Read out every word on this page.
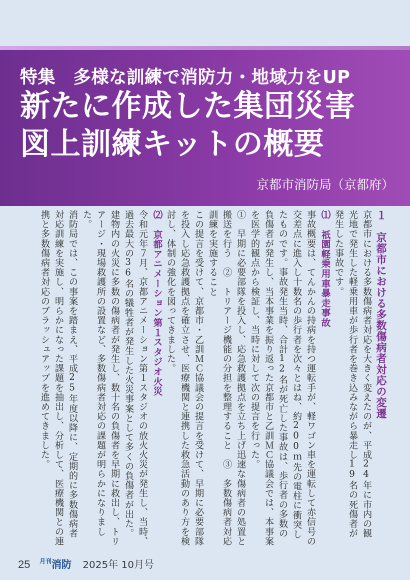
特集　多様な訓練で消防力・地域力をUP
新たに作成した集団災害
図上訓練キットの概要
京都市消防局（京都府）

１　京都市における多数傷病者対応の変遷

京都市における多数傷病者対応を大きく変えたのが、平成24年に市内の観光地で発生した軽乗用車が歩行者を巻き込みながら暴走し19名の死傷者が発生した事故です。

⑴　祇園軽乗用車暴走事故

事故概要は、てんかんの持病を持つ運転手が、軽ワゴン車を運転して赤信号の交差点に進入し十数名の歩行者を次々とはね、約200ｍ先の電柱に衝突したものです。事故発生当時、合計12名が死亡した事故は、歩行者の多数の負傷者が発生し、当本事業を振り返った京都市と乙訓ＭＣ協議会では、本事案を医学的観点から検証し、当時に対して次の提言を行った。

①　早期に必要部隊を投入し、応急救護拠点を立ち上げ迅速な傷病者の処置と搬送を行う　②　トリアージ機能の分担を整理すること　③　多数傷病者対応訓練を実施すること

この提言を受けて、京都市・乙訓ＭＣ協議会の提言を受けて、早期に必要部隊を投入し応急救護拠点を確立させ、医療機関と連携した救急活動のあり方を検討し、体制の強化を図ってきました。

⑵　京都アニメーション第１スタジオ火災

令和元年７月、京都アニメーション第１スタジオの放火火災が発生し、当時、過去最大の36名の犠牲者が発生した火災事案として多くの負傷者が出た。建物内の火災に多数の傷病者が発生し、数十名の負傷者を早期に救出し、トリアージ・現場救護所の設置など、多数傷病者対応の課題が明らかになりました。

消防局では、この事案を踏まえ、平成25年度以降に、定期的に多数傷病者対応訓練を実施し、明らかになった課題を抽出し、分析して、医療機関との連携と多数傷病者対応のブラッシュアップを進めてきました。

25 $^{月刊}$消防 2025年 10月号
